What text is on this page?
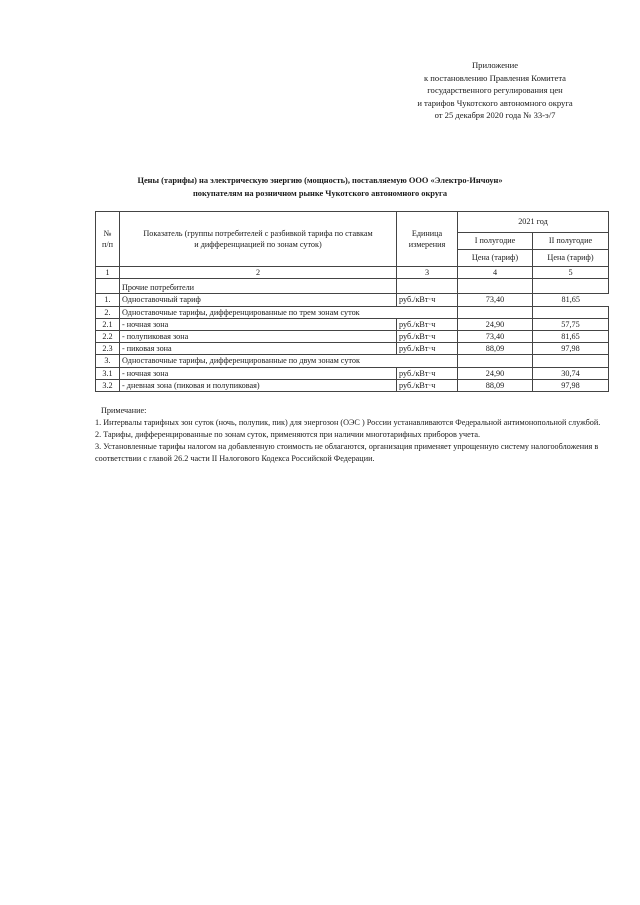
Приложение
к постановлению Правления Комитета
государственного регулирования цен
и тарифов Чукотского автономного округа
от 25 декабря 2020 года № 33-э/7
Цены (тарифы) на электрическую энергию (мощность), поставляемую ООО «Электро-Инчоун»
покупателям на розничном рынке Чукотского автономного округа
№
п/п	Показатель (группы потребителей с разбивкой тарифа по ставкам
и дифференциацией по зонам суток)	Единица
измерения	2021 год	
			I полугодие	II полугодие
			Цена (тариф)	Цена (тариф)
1	2	3	4	5
	Прочие потребители			
1.	Одноставочный тариф	руб./кВт·ч	73,40	81,65
2.	Одноставочные тарифы, дифференцированные по трем зонам суток			
2.1	- ночная зона	руб./кВт·ч	24,90	57,75
2.2	- полупиковая зона	руб./кВт·ч	73,40	81,65
2.3	- пиковая зона	руб./кВт·ч	88,09	97,98
3.	Одноставочные тарифы, дифференцированные по двум зонам суток			
3.1	- ночная зона	руб./кВт·ч	24,90	30,74
3.2	- дневная зона (пиковая и полупиковая)	руб./кВт·ч	88,09	97,98

Примечание:

1. Интервалы тарифных зон суток (ночь, полупик, пик) для энергозон (ОЭС ) России устанавливаются Федеральной антимонопольной службой.

2. Тарифы, дифференцированные по зонам суток, применяются при наличии многотарифных приборов учета.

3. Установленные тарифы налогом на добавленную стоимость не облагаются, организация применяет упрощенную систему налогообложения в соответствии с главой 26.2 части II Налогового Кодекса Российской Федерации.
